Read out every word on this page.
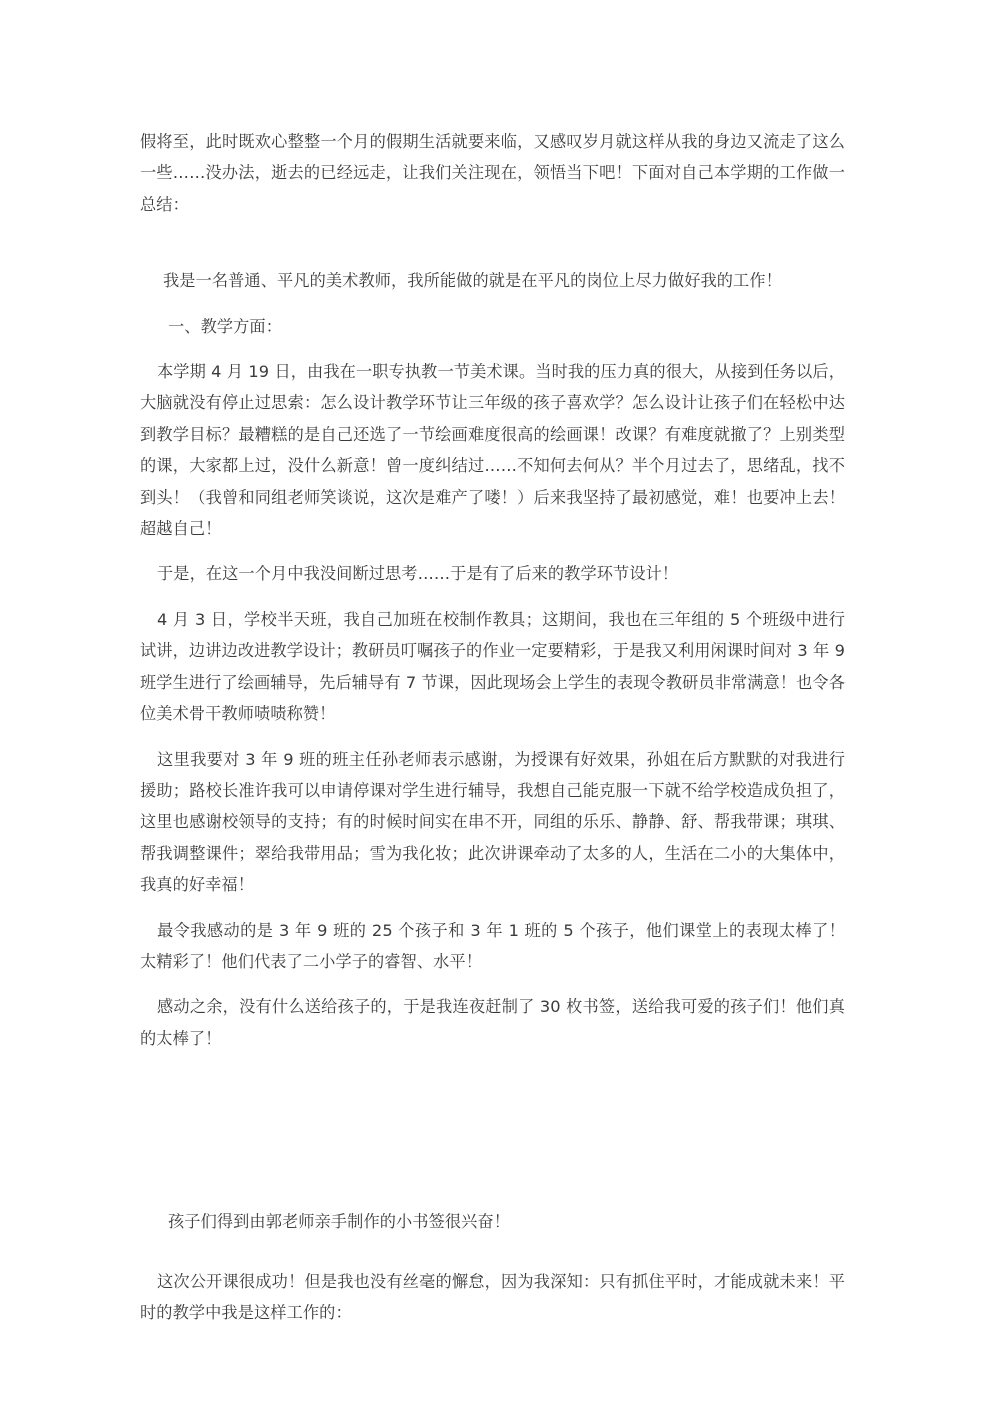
假将至，此时既欢心整整一个月的假期生活就要来临，又感叹岁月就这样从我的身边又流走了这么一些……没办法，逝去的已经远走，让我们关注现在，领悟当下吧！下面对自己本学期的工作做一总结：

我是一名普通、平凡的美术教师，我所能做的就是在平凡的岗位上尽力做好我的工作！

一、教学方面：

本学期 4 月 19 日，由我在一职专执教一节美术课。当时我的压力真的很大，从接到任务以后，大脑就没有停止过思索：怎么设计教学环节让三年级的孩子喜欢学？怎么设计让孩子们在轻松中达到教学目标？最糟糕的是自己还选了一节绘画难度很高的绘画课！改课？有难度就撤了？上别类型的课，大家都上过，没什么新意！曾一度纠结过……不知何去何从？半个月过去了，思绪乱，找不到头！（我曾和同组老师笑谈说，这次是难产了喽！）后来我坚持了最初感觉，难！也要冲上去！超越自己！

于是，在这一个月中我没间断过思考……于是有了后来的教学环节设计！

4 月 3 日，学校半天班，我自己加班在校制作教具；这期间，我也在三年组的 5 个班级中进行试讲，边讲边改进教学设计；教研员叮嘱孩子的作业一定要精彩，于是我又利用闲课时间对 3 年 9 班学生进行了绘画辅导，先后辅导有 7 节课，因此现场会上学生的表现令教研员非常满意！也令各位美术骨干教师啧啧称赞！

这里我要对 3 年 9 班的班主任孙老师表示感谢，为授课有好效果，孙姐在后方默默的对我进行援助；路校长准许我可以申请停课对学生进行辅导，我想自己能克服一下就不给学校造成负担了，这里也感谢校领导的支持；有的时候时间实在串不开，同组的乐乐、静静、舒、帮我带课；琪琪、帮我调整课件；翠给我带用品；雪为我化妆；此次讲课牵动了太多的人，生活在二小的大集体中，我真的好幸福！

最令我感动的是 3 年 9 班的 25 个孩子和 3 年 1 班的 5 个孩子，他们课堂上的表现太棒了！太精彩了！他们代表了二小学子的睿智、水平！

感动之余，没有什么送给孩子的，于是我连夜赶制了 30 枚书签，送给我可爱的孩子们！他们真的太棒了！

孩子们得到由郭老师亲手制作的小书签很兴奋！

这次公开课很成功！但是我也没有丝毫的懈怠，因为我深知：只有抓住平时，才能成就未来！平时的教学中我是这样工作的：
